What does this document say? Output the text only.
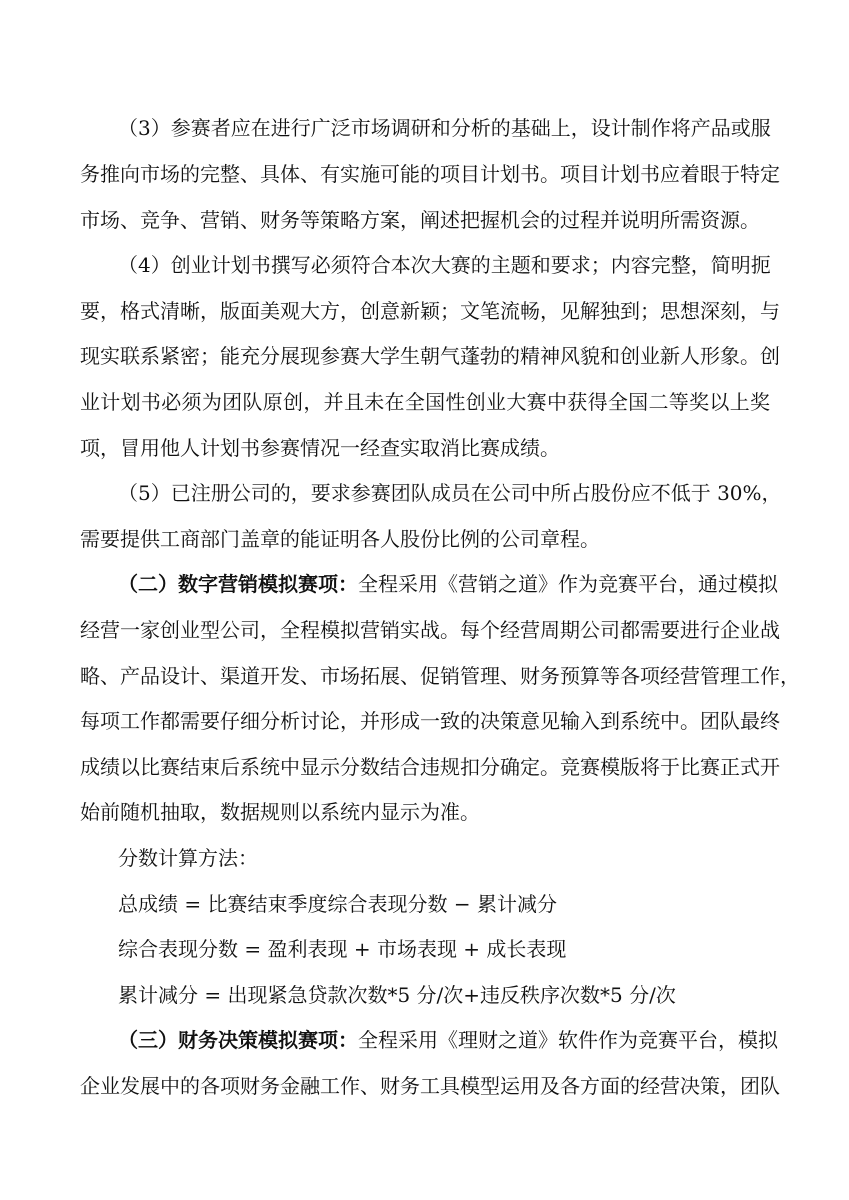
（3）参赛者应在进行广泛市场调研和分析的基础上，设计制作将产品或服
务推向市场的完整、具体、有实施可能的项目计划书。项目计划书应着眼于特定
市场、竞争、营销、财务等策略方案，阐述把握机会的过程并说明所需资源。
（4）创业计划书撰写必须符合本次大赛的主题和要求；内容完整，简明扼
要，格式清晰，版面美观大方，创意新颖；文笔流畅，见解独到；思想深刻，与
现实联系紧密；能充分展现参赛大学生朝气蓬勃的精神风貌和创业新人形象。创
业计划书必须为团队原创，并且未在全国性创业大赛中获得全国二等奖以上奖
项，冒用他人计划书参赛情况一经查实取消比赛成绩。
（5）已注册公司的，要求参赛团队成员在公司中所占股份应不低于 30%，
需要提供工商部门盖章的能证明各人股份比例的公司章程。
（二）数字营销模拟赛项：全程采用《营销之道》作为竞赛平台，通过模拟
经营一家创业型公司，全程模拟营销实战。每个经营周期公司都需要进行企业战
略、产品设计、渠道开发、市场拓展、促销管理、财务预算等各项经营管理工作，
每项工作都需要仔细分析讨论，并形成一致的决策意见输入到系统中。团队最终
成绩以比赛结束后系统中显示分数结合违规扣分确定。竞赛模版将于比赛正式开
始前随机抽取，数据规则以系统内显示为准。
分数计算方法：
总成绩 = 比赛结束季度综合表现分数 − 累计减分
综合表现分数 = 盈利表现 + 市场表现 + 成长表现
累计减分 = 出现紧急贷款次数*5 分/次+违反秩序次数*5 分/次
（三）财务决策模拟赛项：全程采用《理财之道》软件作为竞赛平台，模拟
企业发展中的各项财务金融工作、财务工具模型运用及各方面的经营决策，团队
